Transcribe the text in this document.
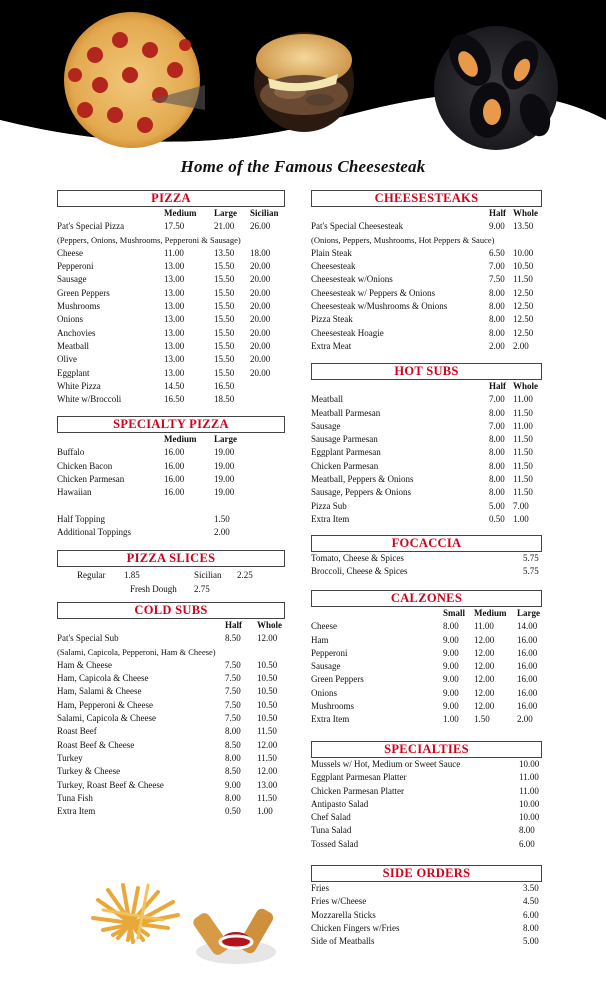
Home of the Famous Cheesesteak
PIZZA
	Medium	Large	Sicilian
Pat's Special Pizza	17.50	21.00	26.00
(Peppers, Onions, Mushrooms, Pepperoni & Sausage)			
Cheese	11.00	13.50	18.00
Pepperoni	13.00	15.50	20.00
Sausage	13.00	15.50	20.00
Green Peppers	13.00	15.50	20.00
Mushrooms	13.00	15.50	20.00
Onions	13.00	15.50	20.00
Anchovies	13.00	15.50	20.00
Meatball	13.00	15.50	20.00
Olive	13.00	15.50	20.00
Eggplant	13.00	15.50	20.00
White Pizza	14.50	16.50	
White w/Broccoli	16.50	18.50	
SPECIALTY PIZZA
	Medium	Large
Buffalo	16.00	19.00
Chicken Bacon	16.00	19.00
Chicken Parmesan	16.00	19.00
Hawaiian	16.00	19.00

Half Topping		1.50
Additional Toppings		2.00
PIZZA SLICES
Regular 1.85	Sicilian 2.25
Fresh Dough 2.75
COLD SUBS
	Half	Whole
Pat's Special Sub	8.50	12.00
(Salami, Capicola, Pepperoni, Ham & Cheese)		
Ham & Cheese	7.50	10.50
Ham, Capicola & Cheese	7.50	10.50
Ham, Salami & Cheese	7.50	10.50
Ham, Pepperoni & Cheese	7.50	10.50
Salami, Capicola & Cheese	7.50	10.50
Roast Beef	8.00	11.50
Roast Beef & Cheese	8.50	12.00
Turkey	8.00	11.50
Turkey & Cheese	8.50	12.00
Turkey, Roast Beef & Cheese	9.00	13.00
Tuna Fish	8.00	11.50
Extra Item	0.50	1.00
CHEESESTEAKS
	Half	Whole
Pat's Special Cheesesteak	9.00	13.50
(Onions, Peppers, Mushrooms, Hot Peppers & Sauce)		
Plain Steak	6.50	10.00
Cheesesteak	7.00	10.50
Cheesesteak w/Onions	7.50	11.50
Cheesesteak w/ Peppers & Onions	8.00	12.50
Cheesesteak w/Mushrooms & Onions	8.00	12.50
Pizza Steak	8.00	12.50
Cheesesteak Hoagie	8.00	12.50
Extra Meat	2.00	2.00
HOT SUBS
	Half	Whole
Meatball	7.00	11.00
Meatball Parmesan	8.00	11.50
Sausage	7.00	11.00
Sausage Parmesan	8.00	11.50
Eggplant Parmesan	8.00	11.50
Chicken Parmesan	8.00	11.50
Meatball, Peppers & Onions	8.00	11.50
Sausage, Peppers & Onions	8.00	11.50
Pizza Sub	5.00	7.00
Extra Item	0.50	1.00
FOCACCIA
Tomato, Cheese & Spices	5.75
Broccoli, Cheese & Spices	5.75
CALZONES
	Small	Medium	Large
Cheese	8.00	11.00	14.00
Ham	9.00	12.00	16.00
Pepperoni	9.00	12.00	16.00
Sausage	9.00	12.00	16.00
Green Peppers	9.00	12.00	16.00
Onions	9.00	12.00	16.00
Mushrooms	9.00	12.00	16.00
Extra Item	1.00	1.50	2.00
SPECIALTIES
Mussels w/ Hot, Medium or Sweet Sauce	10.00
Eggplant Parmesan Platter	11.00
Chicken Parmesan Platter	11.00
Antipasto Salad	10.00
Chef Salad	10.00
Tuna Salad	8.00
Tossed Salad	6.00
SIDE ORDERS
Fries	3.50
Fries w/Cheese	4.50
Mozzarella Sticks	6.00
Chicken Fingers w/Fries	8.00
Side of Meatballs	5.00
